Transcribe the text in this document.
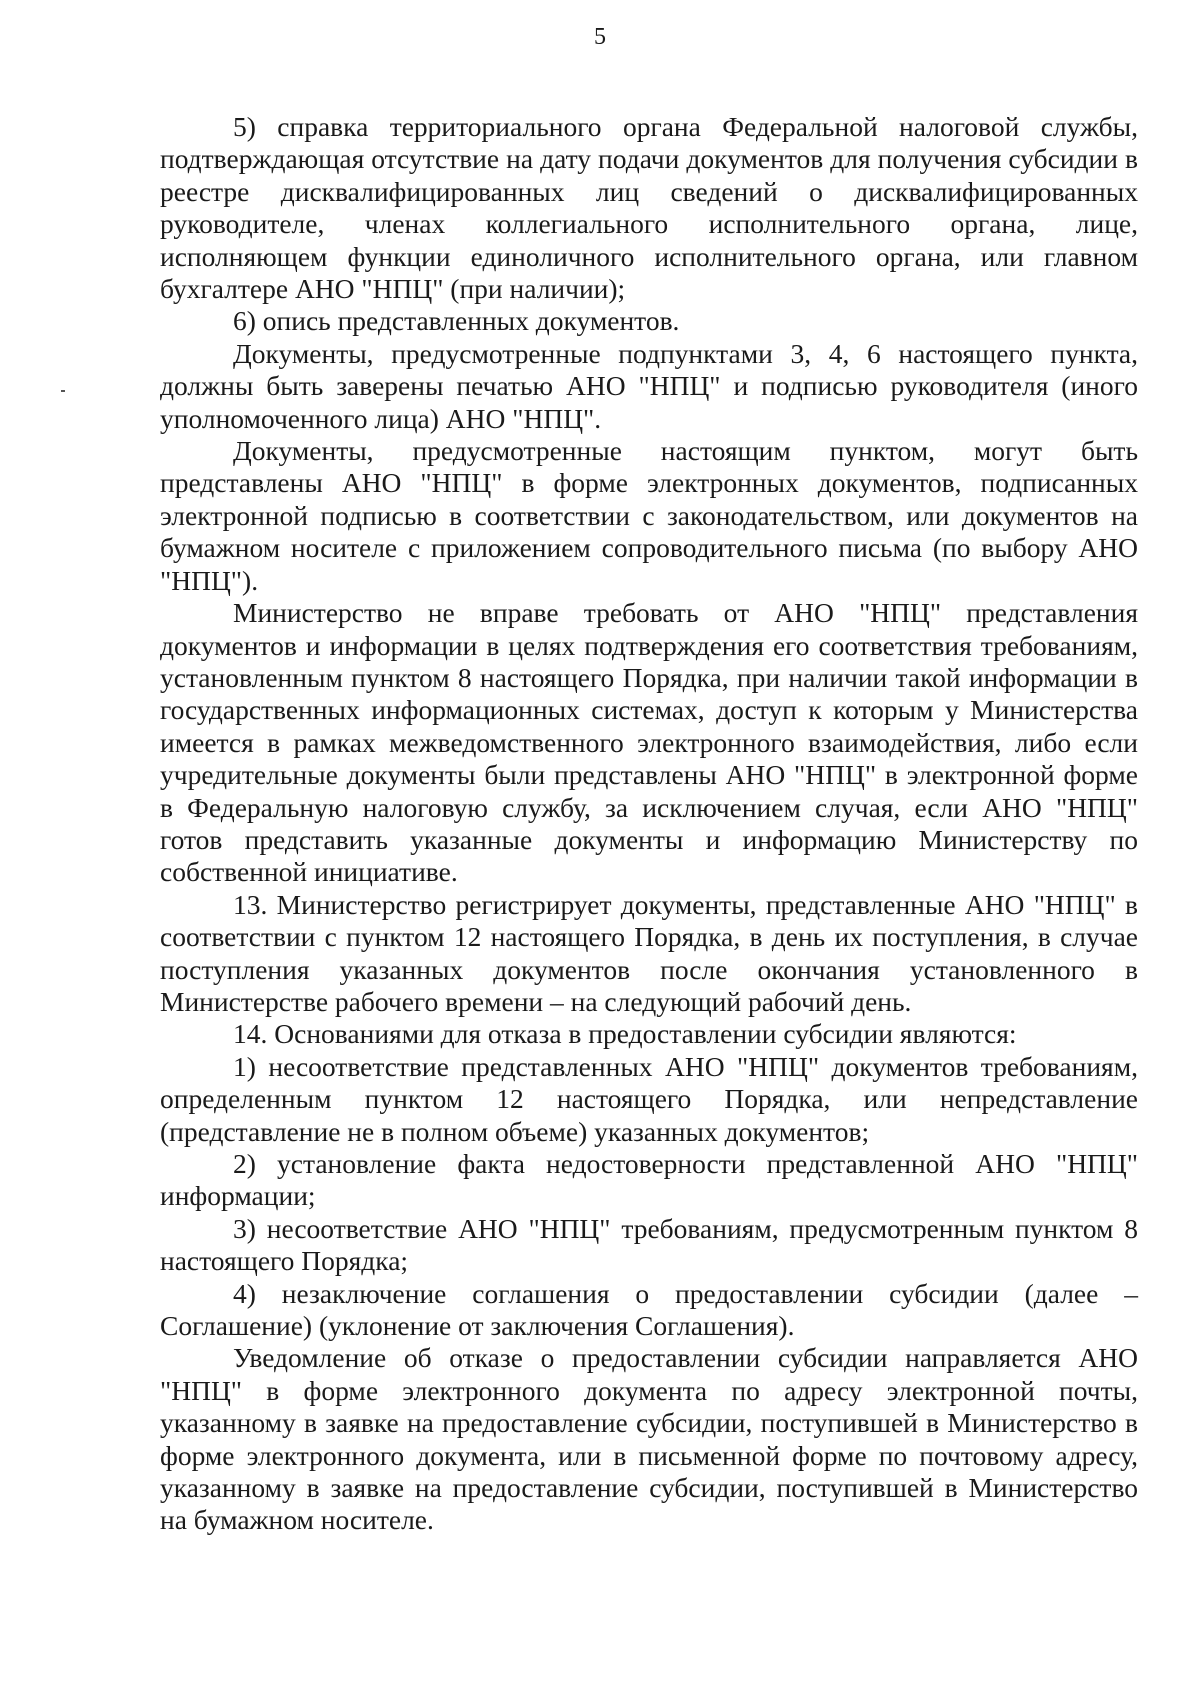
5

5) справка территориального органа Федеральной налоговой службы, подтверждающая отсутствие на дату подачи документов для получения субсидии в реестре дисквалифицированных лиц сведений о дисквалифицированных руководителе, членах коллегиального исполнительного органа, лице, исполняющем функции единоличного исполнительного органа, или главном бухгалтере АНО "НПЦ" (при наличии);

6) опись представленных документов.

Документы, предусмотренные подпунктами 3, 4, 6 настоящего пункта, должны быть заверены печатью АНО "НПЦ" и подписью руководителя (иного уполномоченного лица) АНО "НПЦ".

Документы, предусмотренные настоящим пунктом, могут быть представлены АНО "НПЦ" в форме электронных документов, подписанных электронной подписью в соответствии с законодательством, или документов на бумажном носителе с приложением сопроводительного письма (по выбору АНО "НПЦ").

Министерство не вправе требовать от АНО "НПЦ" представления документов и информации в целях подтверждения его соответствия требованиям, установленным пунктом 8 настоящего Порядка, при наличии такой информации в государственных информационных системах, доступ к которым у Министерства имеется в рамках межведомственного электронного взаимодействия, либо если учредительные документы были представлены АНО "НПЦ" в электронной форме в Федеральную налоговую службу, за исключением случая, если АНО "НПЦ" готов представить указанные документы и информацию Министерству по собственной инициативе.

13. Министерство регистрирует документы, представленные АНО "НПЦ" в соответствии с пунктом 12 настоящего Порядка, в день их поступления, в случае поступления указанных документов после окончания установленного в Министерстве рабочего времени – на следующий рабочий день.

14. Основаниями для отказа в предоставлении субсидии являются:

1) несоответствие представленных АНО "НПЦ" документов требованиям, определенным пунктом 12 настоящего Порядка, или непредставление (представление не в полном объеме) указанных документов;

2) установление факта недостоверности представленной АНО "НПЦ" информации;

3) несоответствие АНО "НПЦ" требованиям, предусмотренным пунктом 8 настоящего Порядка;

4) незаключение соглашения о предоставлении субсидии (далее – Соглашение) (уклонение от заключения Соглашения).

Уведомление об отказе о предоставлении субсидии направляется АНО "НПЦ" в форме электронного документа по адресу электронной почты, указанному в заявке на предоставление субсидии, поступившей в Министерство в форме электронного документа, или в письменной форме по почтовому адресу, указанному в заявке на предоставление субсидии, поступившей в Министерство на бумажном носителе.
